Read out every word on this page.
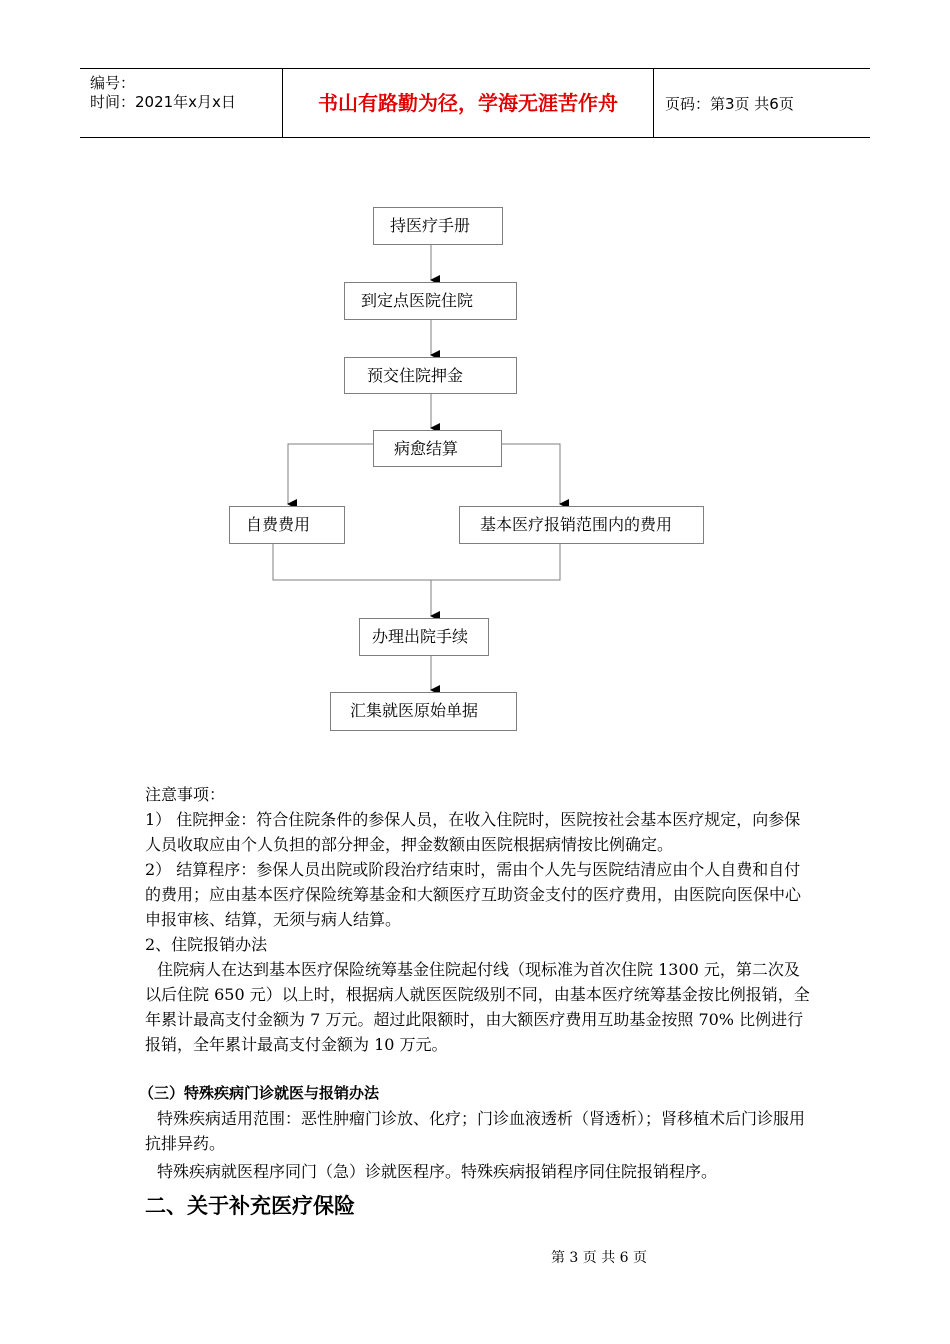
编号：
时间：2021年x月x日	书山有路勤为径，学海无涯苦作舟	页码：第3页 共6页
持医疗手册
到定点医院住院
预交住院押金
病愈结算
自费费用	基本医疗报销范围内的费用
办理出院手续
汇集就医原始单据

注意事项：

1） 住院押金：符合住院条件的参保人员，在收入住院时，医院按社会基本医疗规定，向参保人员收取应由个人负担的部分押金，押金数额由医院根据病情按比例确定。

2） 结算程序：参保人员出院或阶段治疗结束时，需由个人先与医院结清应由个人自费和自付的费用；应由基本医疗保险统筹基金和大额医疗互助资金支付的医疗费用，由医院向医保中心申报审核、结算，无须与病人结算。

2、住院报销办法

住院病人在达到基本医疗保险统筹基金住院起付线（现标准为首次住院 1300 元，第二次及以后住院 650 元）以上时，根据病人就医医院级别不同，由基本医疗统筹基金按比例报销，全年累计最高支付金额为 7 万元。超过此限额时，由大额医疗费用互助基金按照 70% 比例进行报销，全年累计最高支付金额为 10 万元。

（三）特殊疾病门诊就医与报销办法

特殊疾病适用范围：恶性肿瘤门诊放、化疗；门诊血液透析（肾透析）；肾移植术后门诊服用抗排异药。

特殊疾病就医程序同门（急）诊就医程序。特殊疾病报销程序同住院报销程序。

二、关于补充医疗保险
第 3 页 共 6 页
